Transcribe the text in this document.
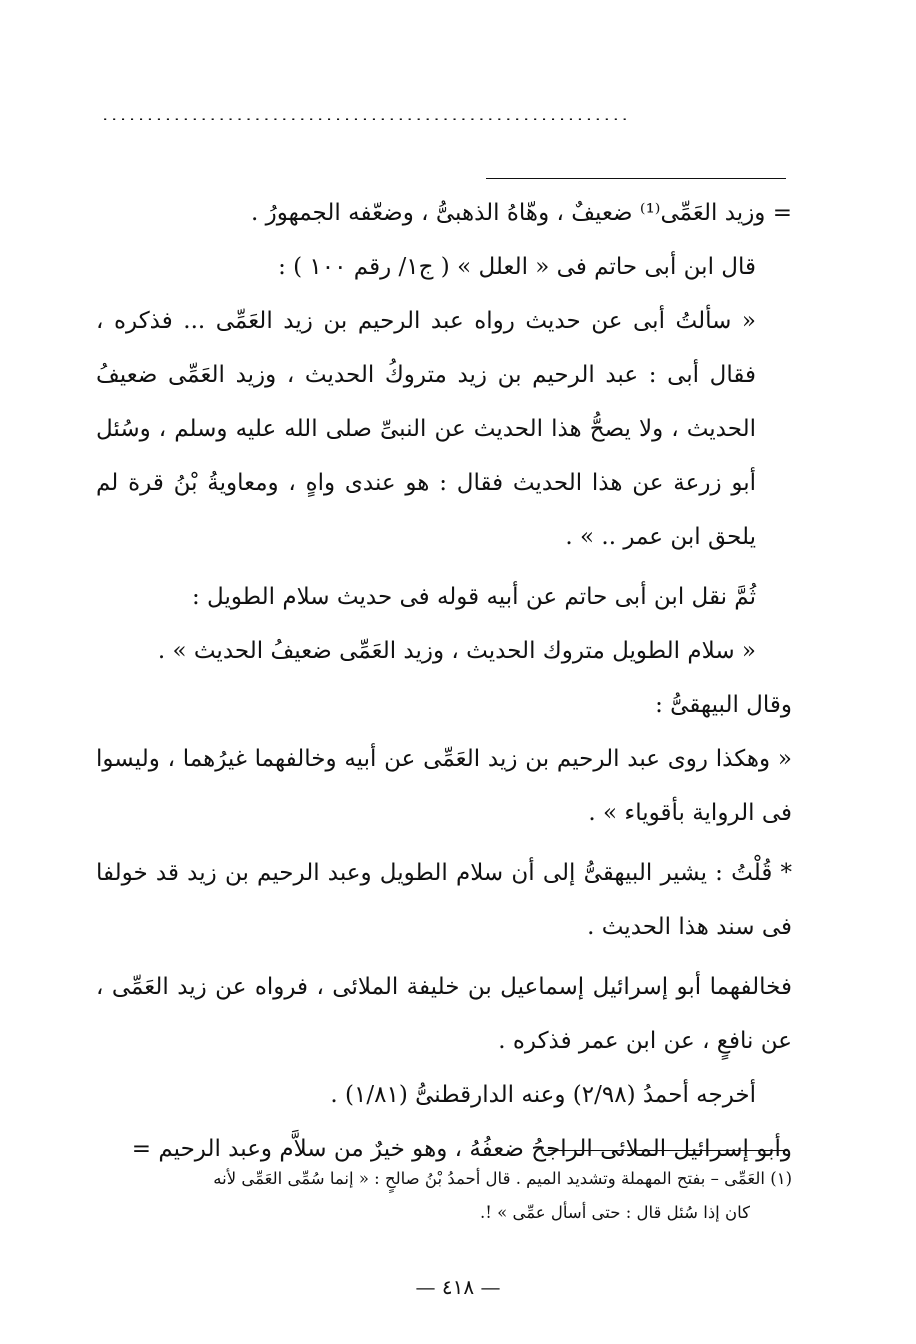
...........................................................

= وزيد العَمِّى⁽¹⁾ ضعيفٌ ، وهّاهُ الذهبىُّ ، وضعّفه الجمهورُ .

قال ابن أبى حاتم فى « العلل » ( ج١/ رقم ١٠٠ ) :

« سألتُ أبى عن حديث رواه عبد الرحيم بن زيد العَمِّى ... فذكره ، فقال أبى : عبد الرحيم بن زيد متروكُ الحديث ، وزيد العَمِّى ضعيفُ الحديث ، ولا يصحُّ هذا الحديث عن النبىِّ صلى الله عليه وسلم ، وسُئل أبو زرعة عن هذا الحديث فقال : هو عندى واهٍ ، ومعاويةُ بْنُ قرة لم يلحق ابن عمر .. » .

ثُمَّ نقل ابن أبى حاتم عن أبيه قوله فى حديث سلام الطويل :

« سلام الطويل متروك الحديث ، وزيد العَمِّى ضعيفُ الحديث » .

وقال البيهقىُّ :

« وهكذا روى عبد الرحيم بن زيد العَمِّى عن أبيه وخالفهما غيرُهما ، وليسوا فى الرواية بأقوياء » .

* قُلْتُ : يشير البيهقىُّ إلى أن سلام الطويل وعبد الرحيم بن زيد قد خولفا فى سند هذا الحديث .

فخالفهما أبو إسرائيل إسماعيل بن خليفة الملائى ، فرواه عن زيد العَمِّى ، عن نافعٍ ، عن ابن عمر فذكره .

أخرجه أحمدُ (٢/٩٨) وعنه الدارقطنىُّ (١/٨١) .

وأبو إسرائيل الملائى الراجحُ ضعفُهُ ، وهو خيرٌ من سلاَّم وعبد الرحيم =

(١) العَمِّى – بفتح المهملة وتشديد الميم . قال أحمدُ بْنُ صالحٍ : « إنما سُمِّى العَمِّى لأنه

كان إذا سُئل قال : حتى أسأل عمِّى » !.

— ٤١٨ —
